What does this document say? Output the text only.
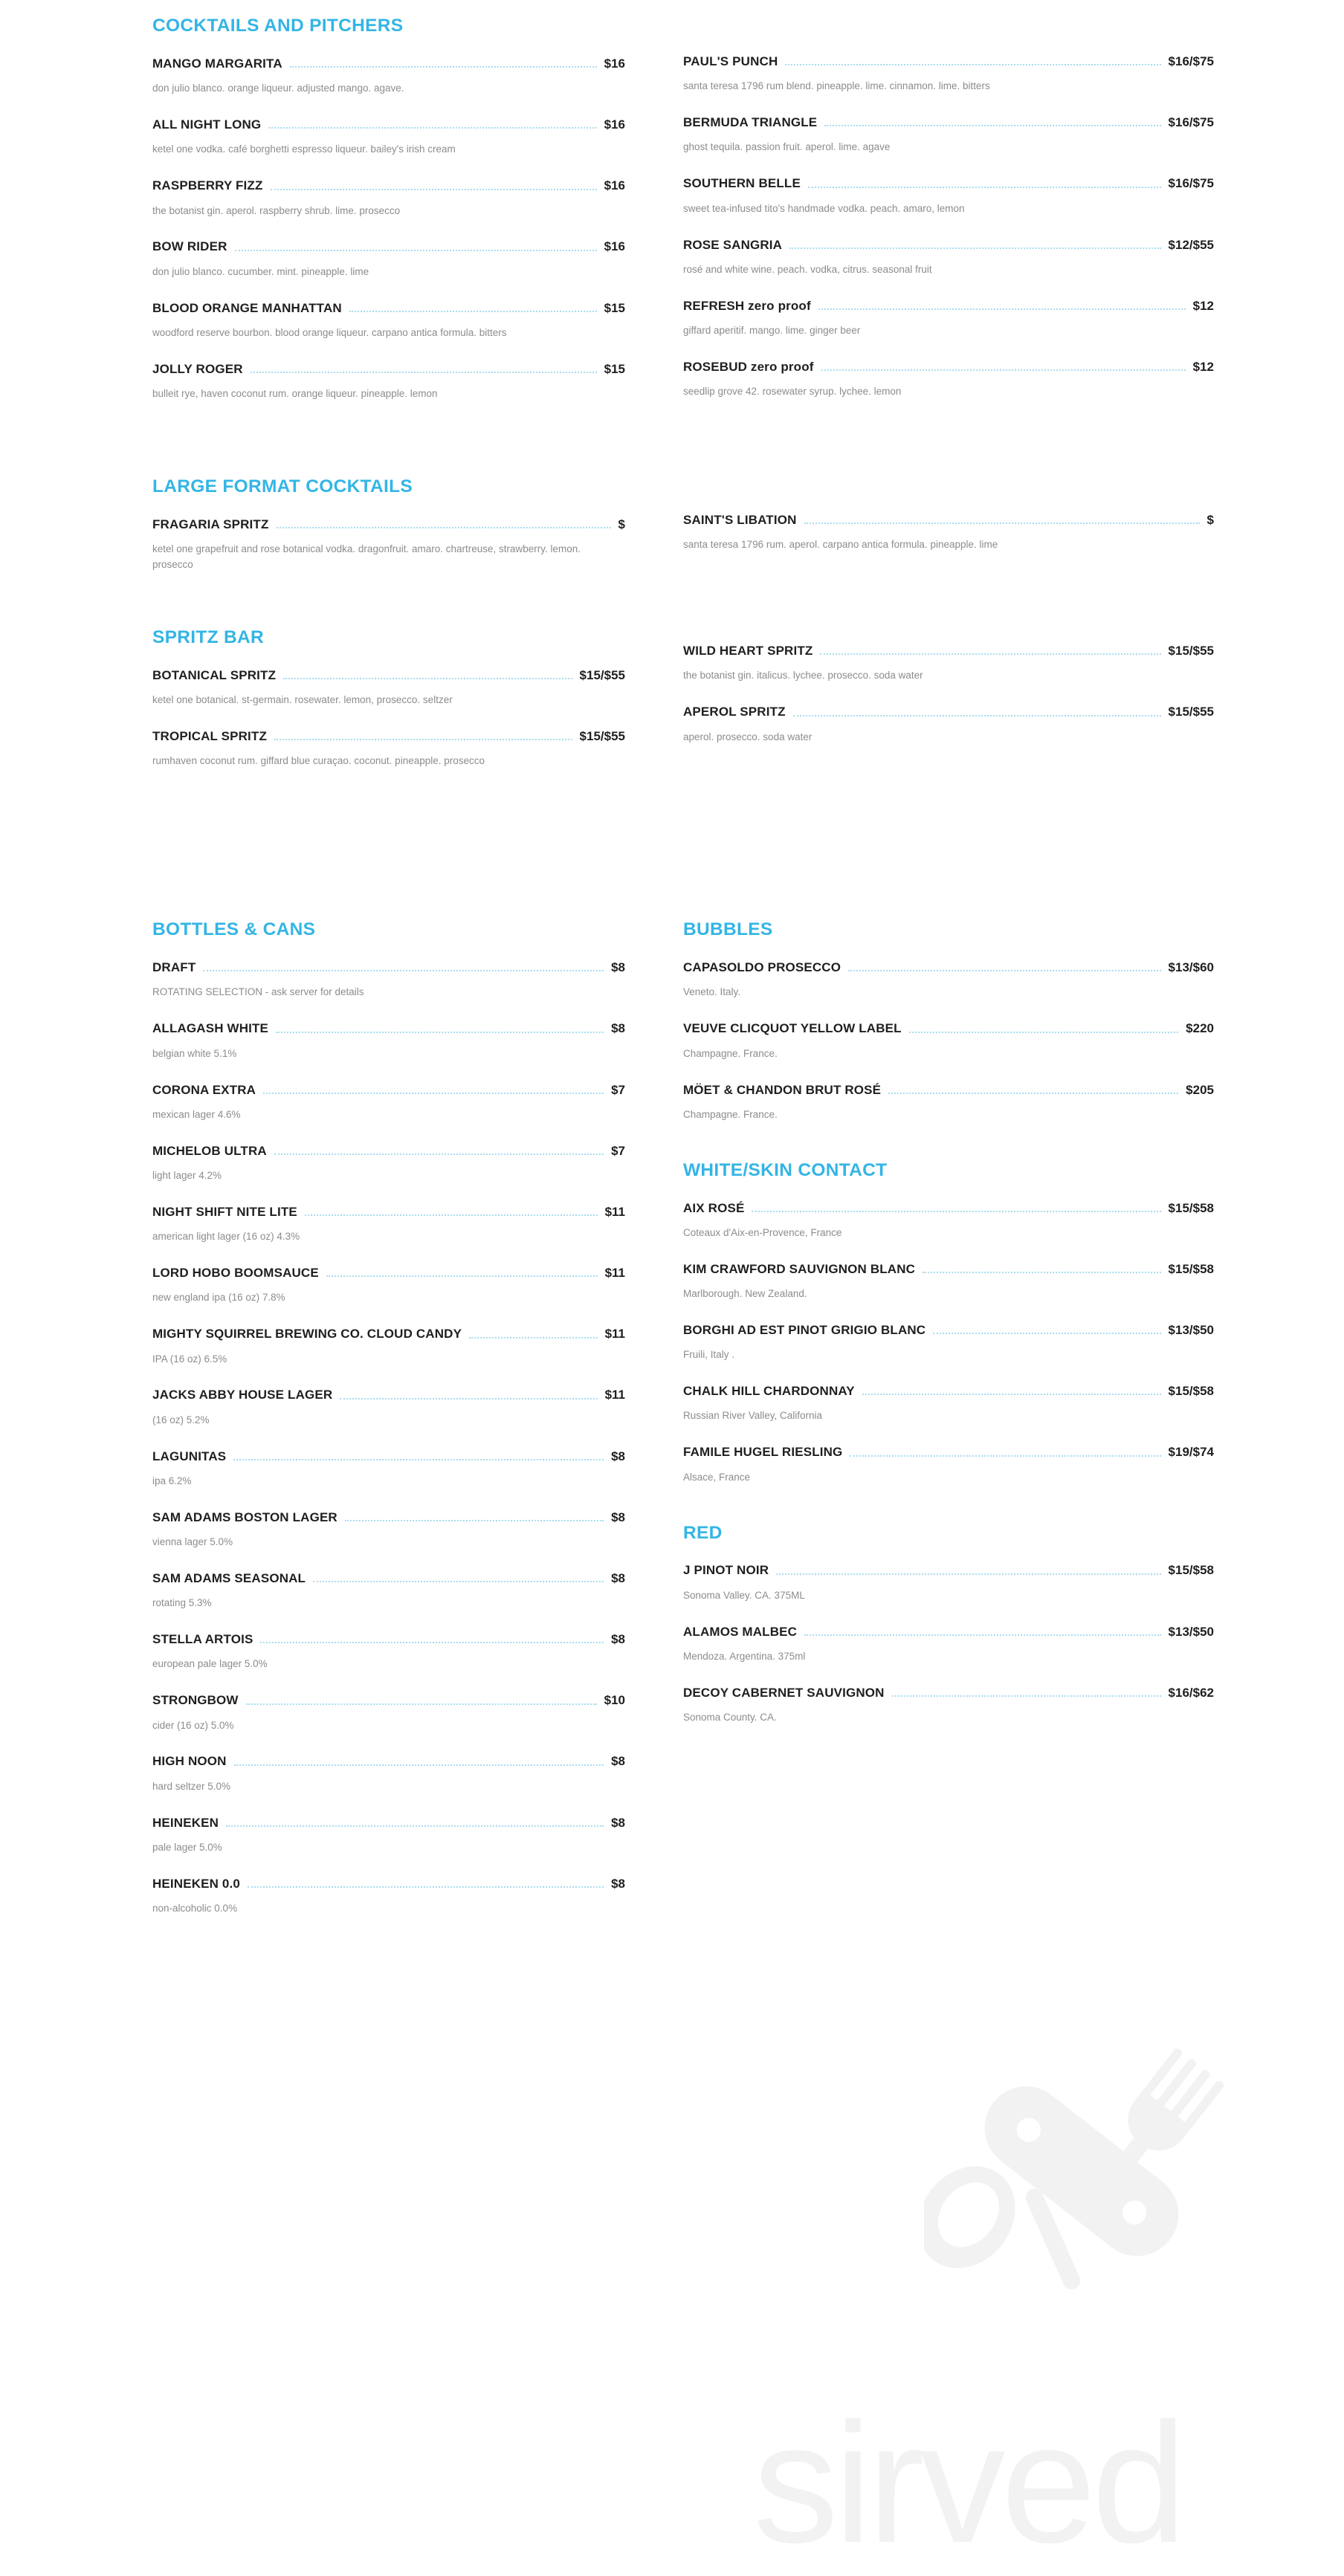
sirved
COCKTAILS AND PITCHERS
MANGO MARGARITA	$16
don julio blanco. orange liqueur. adjusted mango. agave.
ALL NIGHT LONG	$16
ketel one vodka. café borghetti espresso liqueur. bailey's irish cream
RASPBERRY FIZZ	$16
the botanist gin. aperol. raspberry shrub. lime. prosecco
BOW RIDER	$16
don julio blanco. cucumber. mint. pineapple. lime
BLOOD ORANGE MANHATTAN	$15
woodford reserve bourbon. blood orange liqueur. carpano antica formula. bitters
JOLLY ROGER	$15
bulleit rye, haven coconut rum. orange liqueur. pineapple. lemon
LARGE FORMAT COCKTAILS
FRAGARIA SPRITZ	$
ketel one grapefruit and rose botanical vodka. dragonfruit. amaro. chartreuse, strawberry. lemon. prosecco
SPRITZ BAR
BOTANICAL SPRITZ	$15/$55
ketel one botanical. st-germain. rosewater. lemon, prosecco. seltzer
TROPICAL SPRITZ	$15/$55
rumhaven coconut rum. giffard blue curaçao. coconut. pineapple. prosecco
PAUL'S PUNCH	$16/$75
santa teresa 1796 rum blend. pineapple. lime. cinnamon. lime. bitters
BERMUDA TRIANGLE	$16/$75
ghost tequila. passion fruit. aperol. lime. agave
SOUTHERN BELLE	$16/$75
sweet tea-infused tito's handmade vodka. peach. amaro, lemon
ROSE SANGRIA	$12/$55
rosé and white wine. peach. vodka, citrus. seasonal fruit
REFRESH zero proof	$12
giffard aperitif. mango. lime. ginger beer
ROSEBUD zero proof	$12
seedlip grove 42. rosewater syrup. lychee. lemon
SAINT'S LIBATION	$
santa teresa 1796 rum. aperol. carpano antica formula. pineapple. lime
WILD HEART SPRITZ	$15/$55
the botanist gin. italicus. lychee. prosecco. soda water
APEROL SPRITZ	$15/$55
aperol. prosecco. soda water
BOTTLES & CANS
DRAFT	$8
ROTATING SELECTION - ask server for details
ALLAGASH WHITE	$8
belgian white 5.1%
CORONA EXTRA	$7
mexican lager 4.6%
MICHELOB ULTRA	$7
light lager 4.2%
NIGHT SHIFT NITE LITE	$11
american light lager (16 oz) 4.3%
LORD HOBO BOOMSAUCE	$11
new england ipa (16 oz) 7.8%
MIGHTY SQUIRREL BREWING CO. CLOUD CANDY	$11
IPA (16 oz) 6.5%
JACKS ABBY HOUSE LAGER	$11
(16 oz) 5.2%
LAGUNITAS	$8
ipa 6.2%
SAM ADAMS BOSTON LAGER	$8
vienna lager 5.0%
SAM ADAMS SEASONAL	$8
rotating 5.3%
STELLA ARTOIS	$8
european pale lager 5.0%
STRONGBOW	$10
cider (16 oz) 5.0%
HIGH NOON	$8
hard seltzer 5.0%
HEINEKEN	$8
pale lager 5.0%
HEINEKEN 0.0	$8
non-alcoholic 0.0%
BUBBLES
CAPASOLDO PROSECCO	$13/$60
Veneto. Italy.
VEUVE CLICQUOT YELLOW LABEL	$220
Champagne. France.
MÖET & CHANDON BRUT ROSÉ	$205
Champagne. France.
WHITE/SKIN CONTACT
AIX ROSÉ	$15/$58
Coteaux d'Aix-en-Provence, France
KIM CRAWFORD SAUVIGNON BLANC	$15/$58
Marlborough. New Zealand.
BORGHI AD EST PINOT GRIGIO BLANC	$13/$50
Fruili, Italy .
CHALK HILL CHARDONNAY	$15/$58
Russian River Valley, California
FAMILE HUGEL RIESLING	$19/$74
Alsace, France
RED
J PINOT NOIR	$15/$58
Sonoma Valley. CA. 375ML
ALAMOS MALBEC	$13/$50
Mendoza. Argentina. 375ml
DECOY CABERNET SAUVIGNON	$16/$62
Sonoma County. CA.
